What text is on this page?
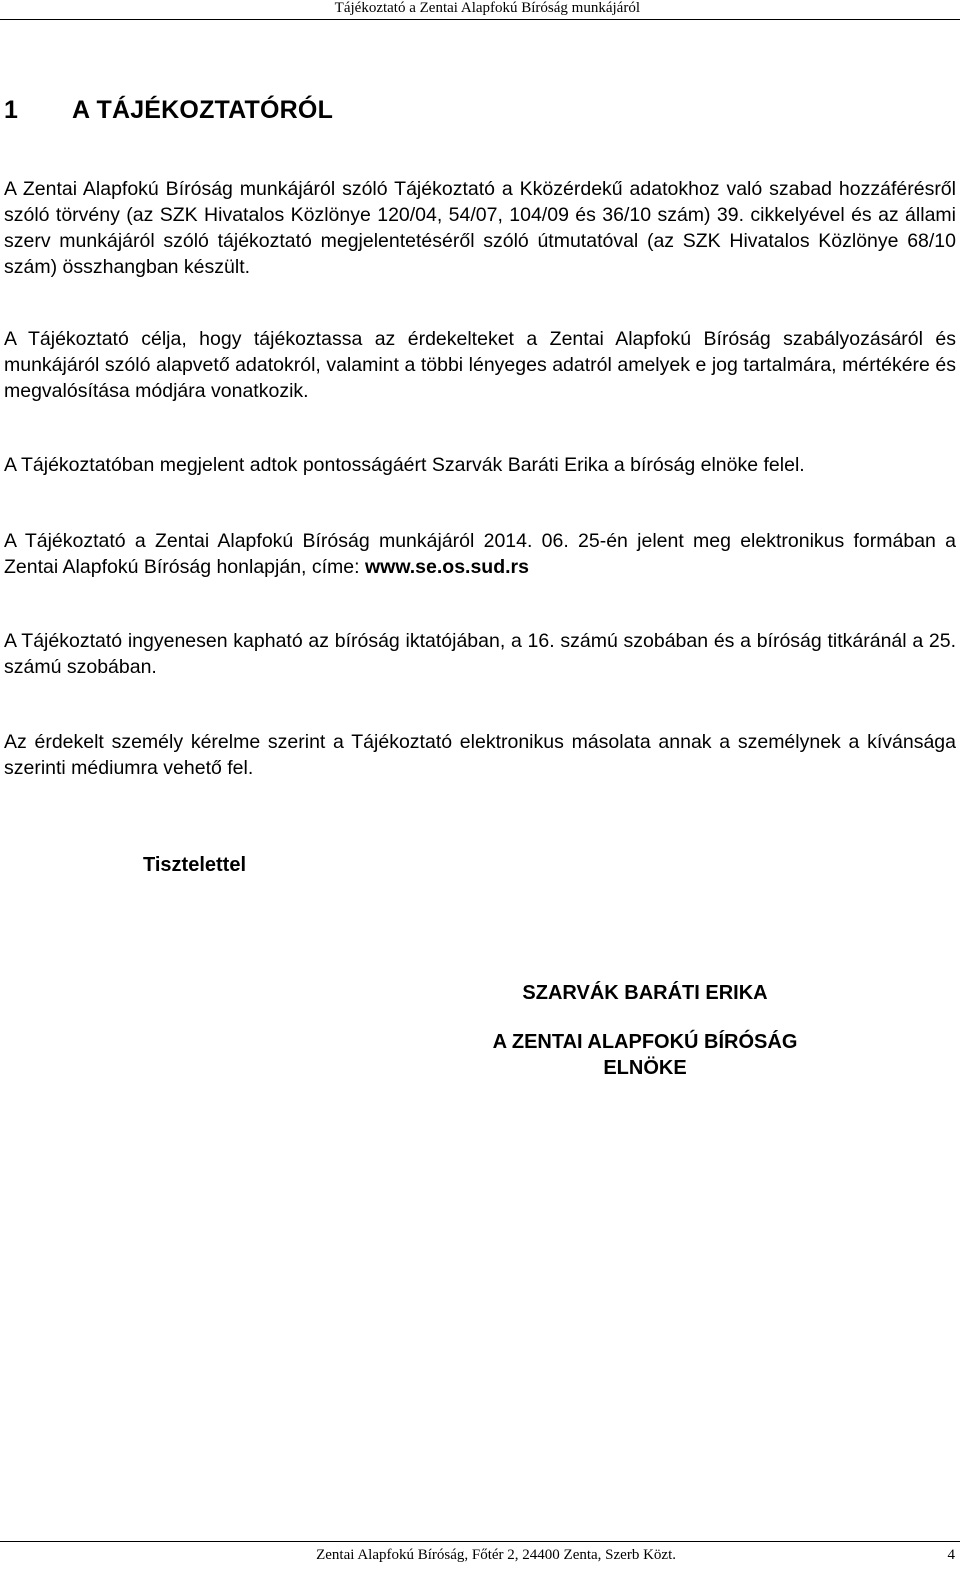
Tájékoztató a Zentai Alapfokú Bíróság munkájáról
1 A TÁJÉKOZTATÓRÓL

A Zentai Alapfokú Bíróság munkájáról szóló Tájékoztató a Kközérdekű adatokhoz való szabad hozzáférésről szóló törvény (az SZK Hivatalos Közlönye 120/04, 54/07, 104/09 és 36/10 szám) 39. cikkelyével és az állami szerv munkájáról szóló tájékoztató megjelentetéséről szóló útmutatóval (az SZK Hivatalos Közlönye 68/10 szám) összhangban készült.

A Tájékoztató célja, hogy tájékoztassa az érdekelteket a Zentai Alapfokú Bíróság szabályozásáról és munkájáról szóló alapvető adatokról, valamint a többi lényeges adatról amelyek e jog tartalmára, mértékére és megvalósítása módjára vonatkozik.

A Tájékoztatóban megjelent adtok pontosságáért Szarvák Baráti Erika a bíróság elnöke felel.

A Tájékoztató a Zentai Alapfokú Bíróság munkájáról 2014. 06. 25-én jelent meg elektronikus formában a Zentai Alapfokú Bíróság honlapján, címe: www.se.os.sud.rs

A Tájékoztató ingyenesen kapható az bíróság iktatójában, a 16. számú szobában és a bíróság titkáránál a 25. számú szobában.

Az érdekelt személy kérelme szerint a Tájékoztató elektronikus másolata annak a személynek a kívánsága szerinti médiumra vehető fel.

Tisztelettel

SZARVÁK BARÁTI ERIKA

A ZENTAI ALAPFOKÚ BÍRÓSÁG ELNÖKE

Zentai Alapfokú Bíróság, Főtér 2, 24400 Zenta, Szerb Közt.	4
